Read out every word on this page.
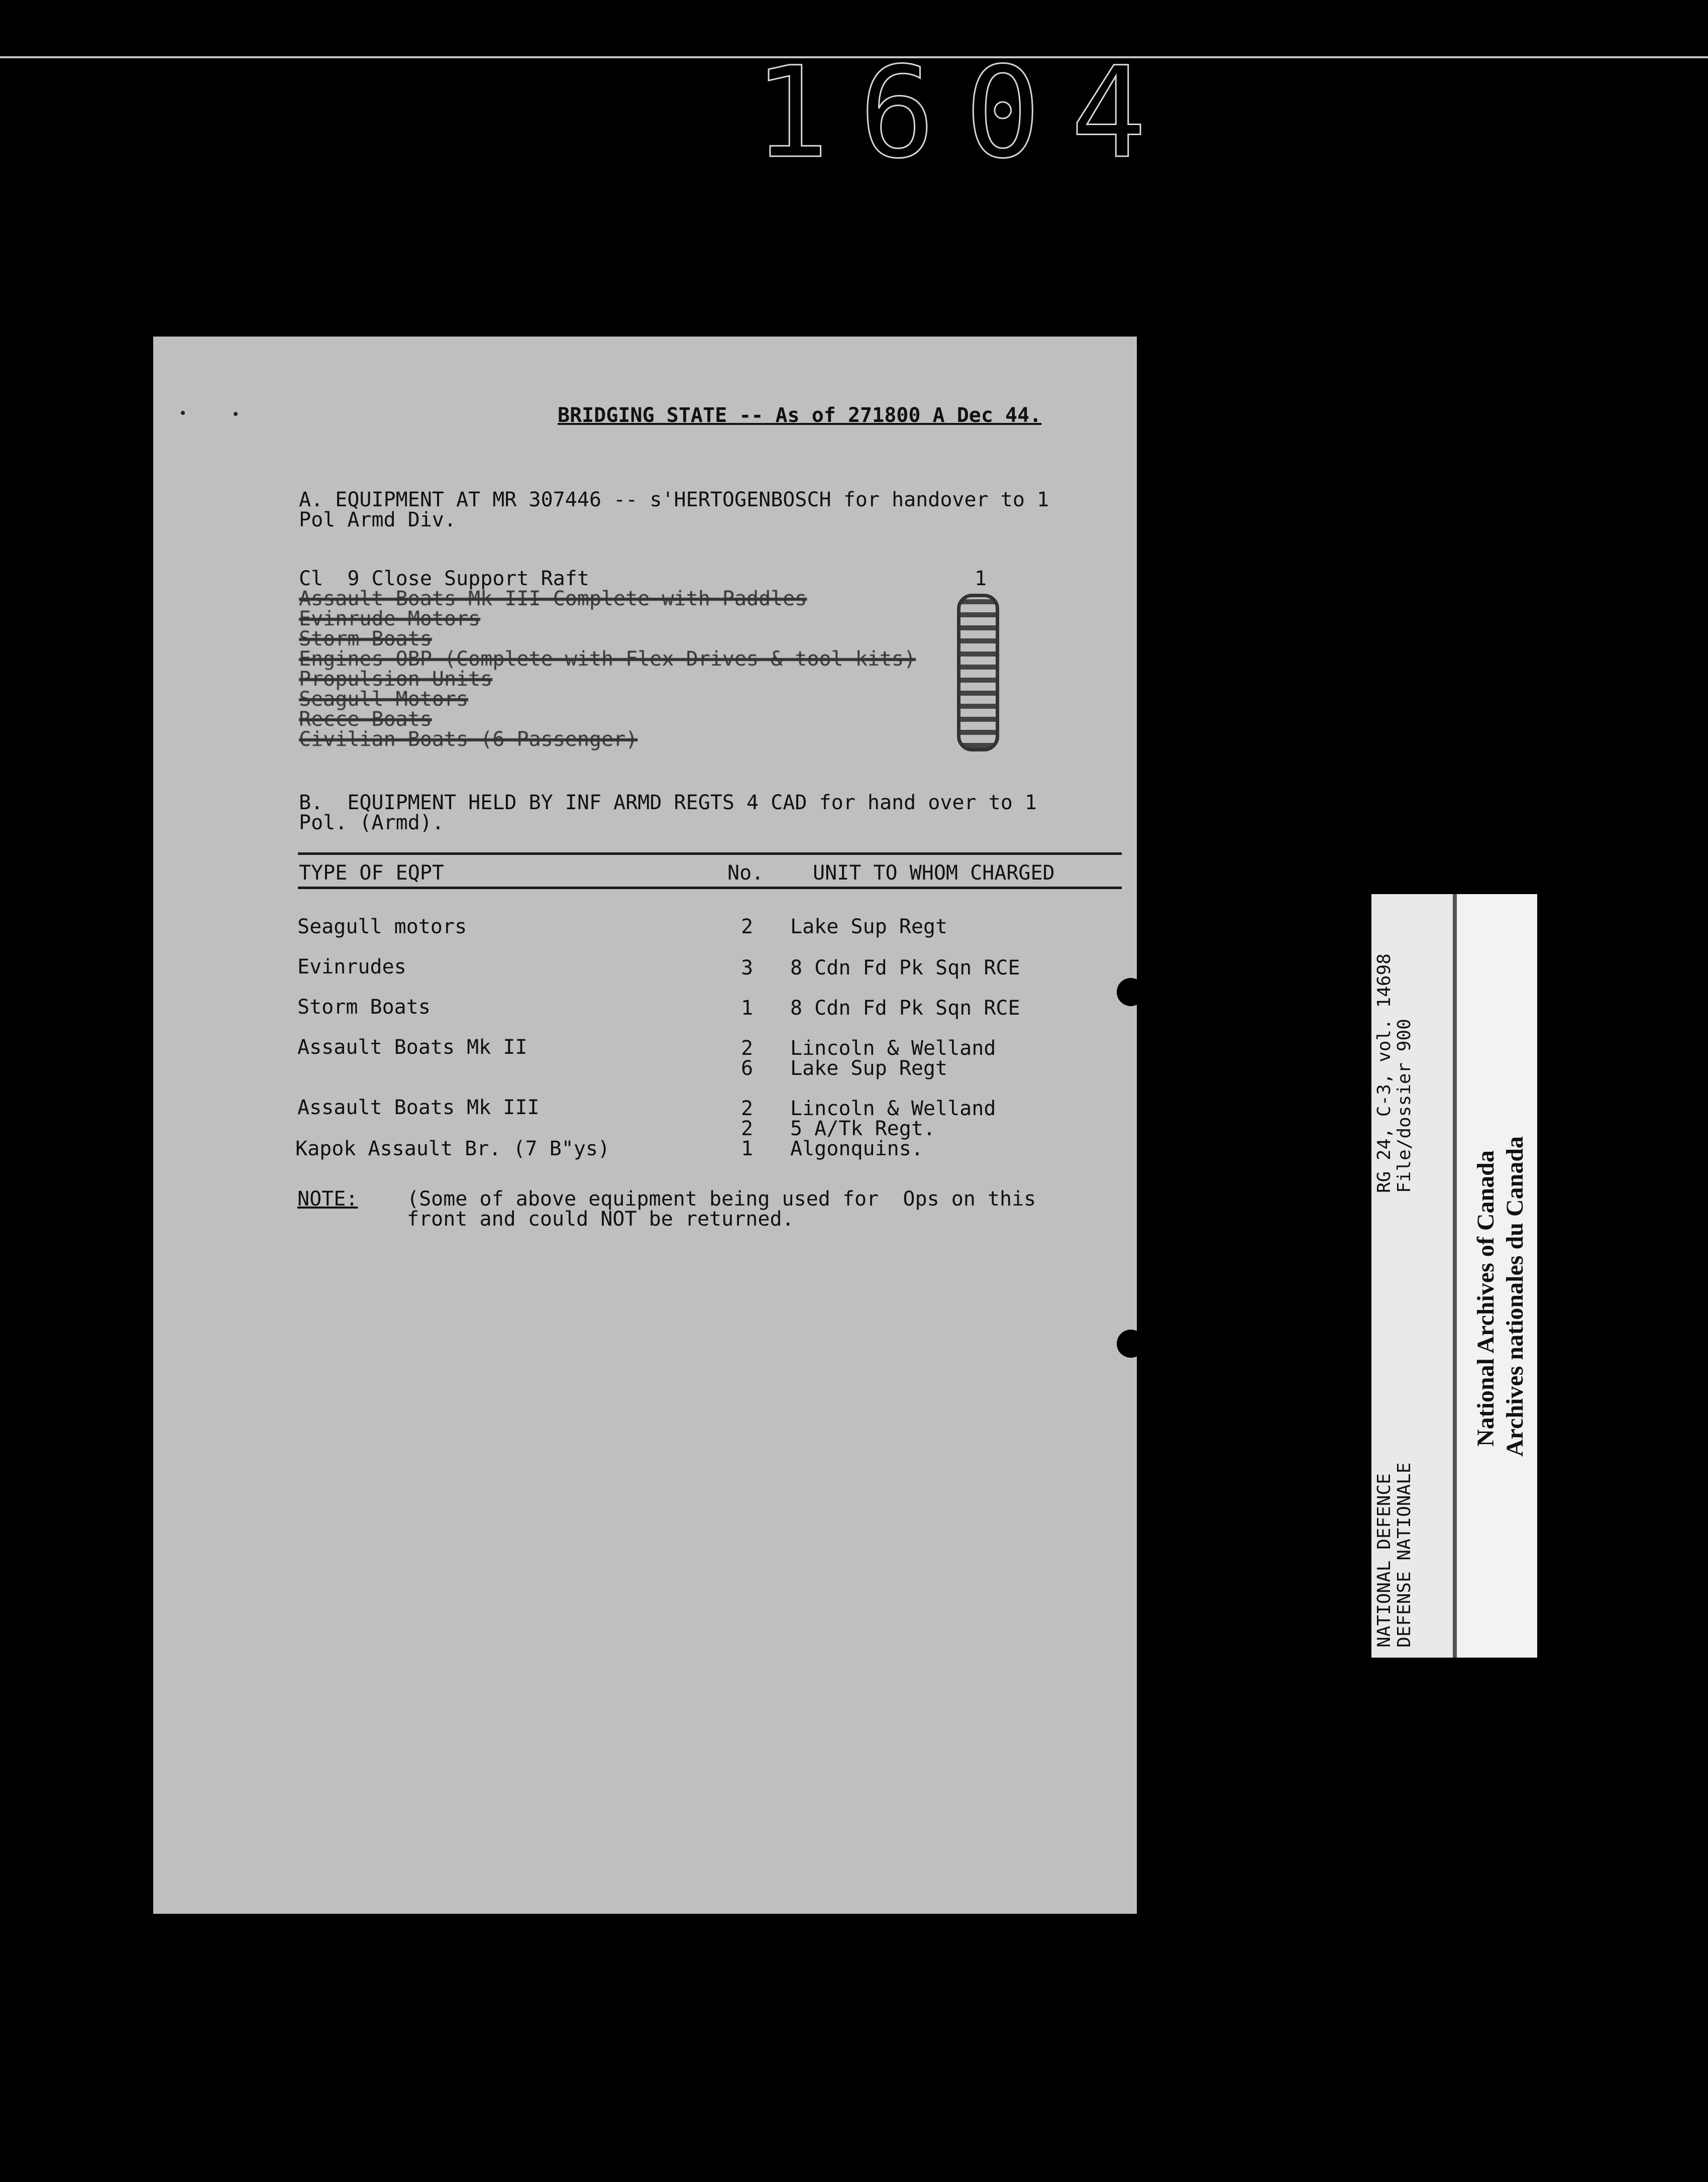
1604
BRIDGING STATE -- As of 271800 A Dec 44.
A. EQUIPMENT AT MR 307446 -- s'HERTOGENBOSCH for handover to 1
Pol Armd Div.
Cl  9 Close Support Raft	1
Assault Boats Mk III Complete with Paddles
Evinrude Motors
Storm Boats
Engines OBP (Complete with Flex Drives & tool kits)
Propulsion Units
Seagull Motors
Recce Boats
Civilian Boats (6 Passenger)
B.  EQUIPMENT HELD BY INF ARMD REGTS 4 CAD for hand over to 1
Pol. (Armd).
TYPE OF EQPT	No. UNIT TO WHOM CHARGED
Seagull motors	2 Lake Sup Regt
Evinrudes	3 8 Cdn Fd Pk Sqn RCE
Storm Boats	1 8 Cdn Fd Pk Sqn RCE
Assault Boats Mk II	2 Lincoln & Welland
6 Lake Sup Regt
Assault Boats Mk III	2 Lincoln & Welland
2 5 A/Tk Regt.
Kapok Assault Br. (7 B"ys)	1 Algonquins.
NOTE: (Some of above equipment being used for  Ops on this
front and could NOT be returned.
RG 24, C-3, vol. 14698 File/dossier 900
NATIONAL DEFENCE DEFENSE NATIONALE
National Archives of Canada Archives nationales du Canada
